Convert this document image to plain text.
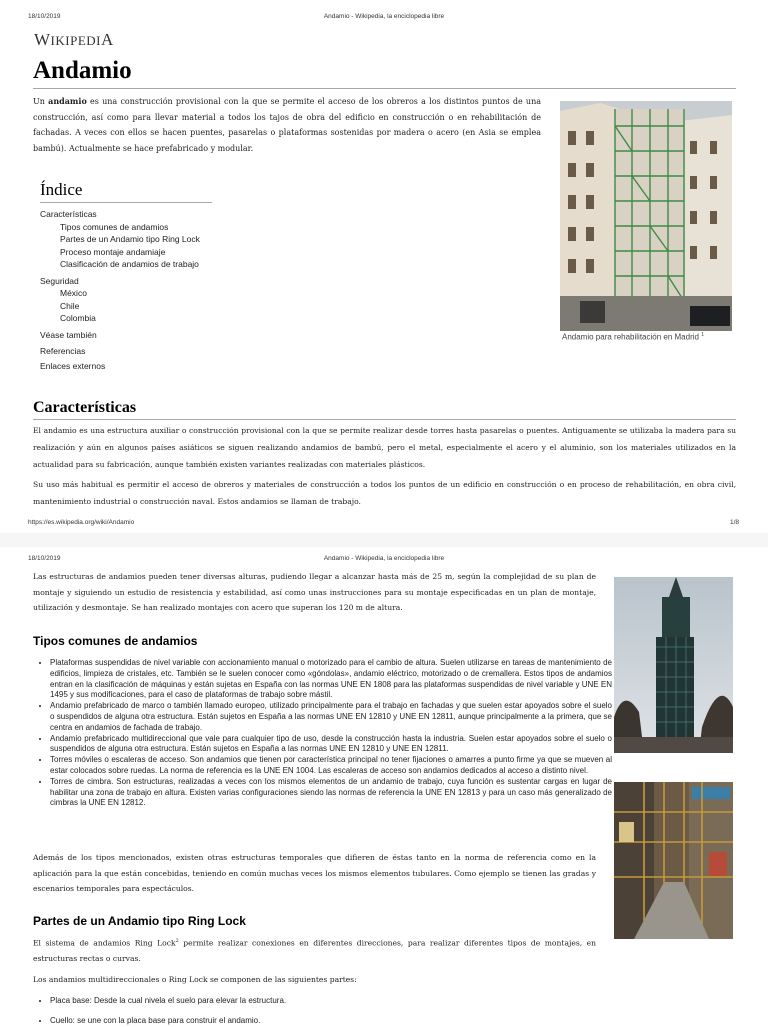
18/10/2019	Andamio - Wikipedia, la enciclopedia libre
WIKIPEDIA
Andamio
Un andamio es una construcción provisional con la que se permite el acceso de los obreros a los distintos puntos de una construcción, así como para llevar material a todos los tajos de obra del edificio en construcción o en rehabilitación de fachadas. A veces con ellos se hacen puentes, pasarelas o plataformas sostenidas por madera o acero (en Asia se emplea bambú). Actualmente se hace prefabricado y modular.
Andamio para rehabilitación en Madrid $^1$
Índice
Características
Tipos comunes de andamios
Partes de un Andamio tipo Ring Lock
Proceso montaje andamiaje
Clasificación de andamios de trabajo
Seguridad
México
Chile
Colombia
Véase también
Referencias
Enlaces externos
Características
El andamio es una estructura auxiliar o construcción provisional con la que se permite realizar desde torres hasta pasarelas o puentes. Antiguamente se utilizaba la madera para su realización y aún en algunos países asiáticos se siguen realizando andamios de bambú, pero el metal, especialmente el acero y el aluminio, son los materiales utilizados en la actualidad para su fabricación, aunque también existen variantes realizadas con materiales plásticos.
Su uso más habitual es permitir el acceso de obreros y materiales de construcción a todos los puntos de un edificio en construcción o en proceso de rehabilitación, en obra civil, mantenimiento industrial o construcción naval. Estos andamios se llaman de trabajo.
https://es.wikipedia.org/wiki/Andamio	1/8
18/10/2019	Andamio - Wikipedia, la enciclopedia libre
Las estructuras de andamios pueden tener diversas alturas, pudiendo llegar a alcanzar hasta más de 25 m, según la complejidad de su plan de montaje y siguiendo un estudio de resistencia y estabilidad, así como unas instrucciones para su montaje especificadas en un plan de montaje, utilización y desmontaje. Se han realizado montajes con acero que superan los 120 m de altura.
Tipos comunes de andamios
• Plataformas suspendidas de nivel variable con accionamiento manual o motorizado para el cambio de altura. Suelen utilizarse en tareas de mantenimiento de edificios, limpieza de cristales, etc. También se le suelen conocer como «góndolas», andamio eléctrico, motorizado o de cremallera. Estos tipos de andamios entran en la clasificación de máquinas y están sujetas en España con las normas UNE EN 1808 para las plataformas suspendidas de nivel variable y UNE EN 1495 y sus modificaciones, para el caso de plataformas de trabajo sobre mástil.
• Andamio prefabricado de marco o también llamado europeo, utilizado principalmente para el trabajo en fachadas y que suelen estar apoyados sobre el suelo o suspendidos de alguna otra estructura. Están sujetos en España a las normas UNE EN 12810 y UNE EN 12811, aunque principalmente a la primera, que se centra en andamios de fachada de trabajo.
• Andamio prefabricado multidireccional que vale para cualquier tipo de uso, desde la construcción hasta la industria. Suelen estar apoyados sobre el suelo o suspendidos de alguna otra estructura. Están sujetos en España a las normas UNE EN 12810 y UNE EN 12811.
• Torres móviles o escaleras de acceso. Son andamios que tienen por característica principal no tener fijaciones o amarres a punto firme ya que se mueven al estar colocados sobre ruedas. La norma de referencia es la UNE EN 1004. Las escaleras de acceso son andamios dedicados al acceso a distinto nivel.
• Torres de cimbra. Son estructuras, realizadas a veces con los mismos elementos de un andamio de trabajo, cuya función es sustentar cargas en lugar de habilitar una zona de trabajo en altura. Existen varias configuraciones siendo las normas de referencia la UNE EN 12813 y para un caso más generalizado de cimbras la UNE EN 12812.
Además de los tipos mencionados, existen otras estructuras temporales que difieren de éstas tanto en la norma de referencia como en la aplicación para la que están concebidas, teniendo en común muchas veces los mismos elementos tubulares. Como ejemplo se tienen las gradas y escenarios temporales para espectáculos.
Partes de un Andamio tipo Ring Lock
El sistema de andamios Ring Lock$^2$ permite realizar conexiones en diferentes direcciones, para realizar diferentes tipos de montajes, en estructuras rectas o curvas.
Los andamios multidireccionales o Ring Lock se componen de las siguientes partes:
• Placa base: Desde la cual nivela el suelo para elevar la estructura.
• Cuello: se une con la placa base para construir el andamio.
